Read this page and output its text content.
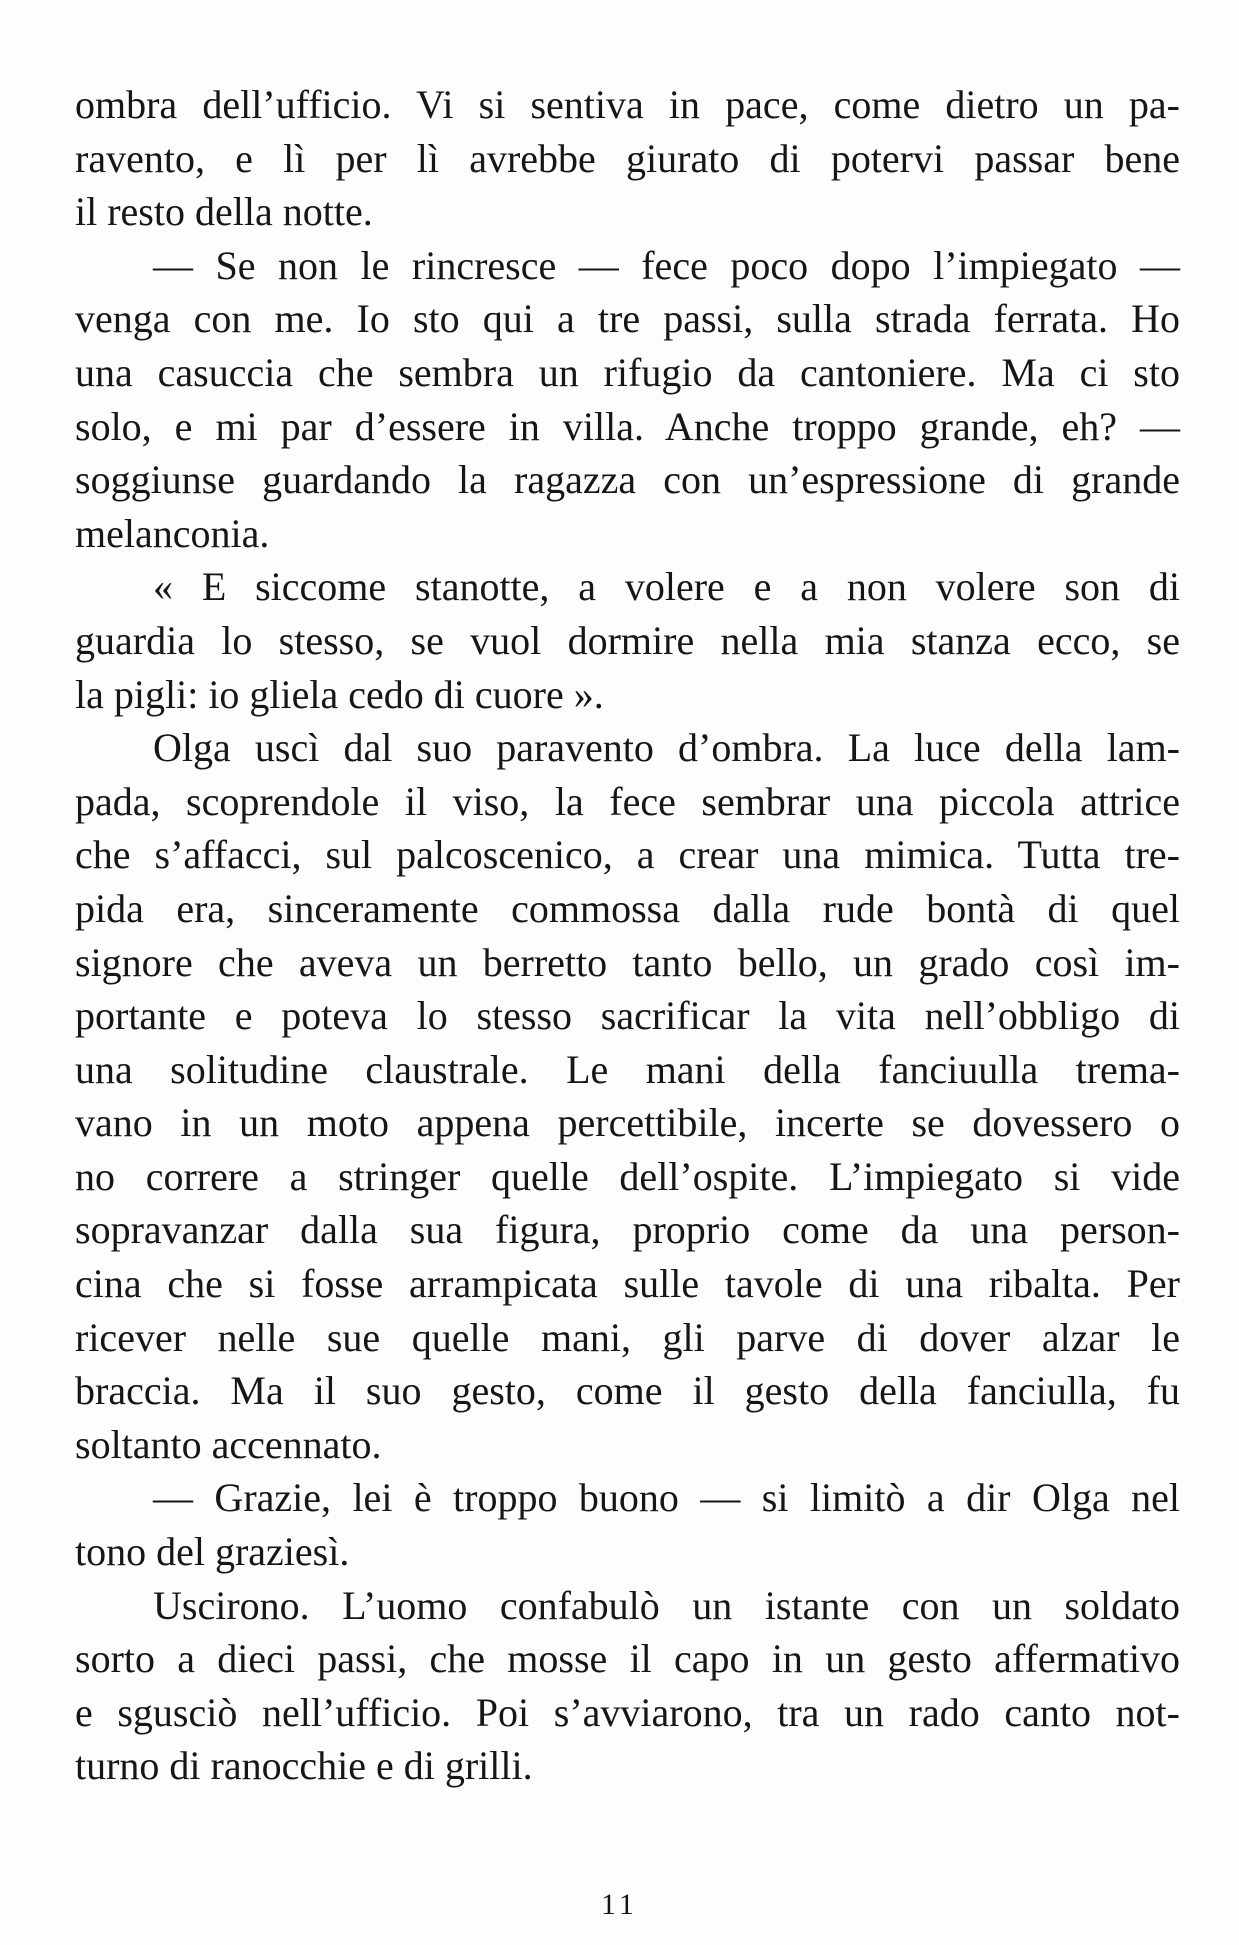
ombra dell’ufficio. Vi si sentiva in pace, come dietro un pa-
ravento, e lì per lì avrebbe giurato di potervi passar bene
il resto della notte.
— Se non le rincresce — fece poco dopo l’impiegato —
venga con me. Io sto qui a tre passi, sulla strada ferrata. Ho
una casuccia che sembra un rifugio da cantoniere. Ma ci sto
solo, e mi par d’essere in villa. Anche troppo grande, eh? —
soggiunse guardando la ragazza con un’espressione di grande
melanconia.
« E siccome stanotte, a volere e a non volere son di
guardia lo stesso, se vuol dormire nella mia stanza ecco, se
la pigli: io gliela cedo di cuore ».
Olga uscì dal suo paravento d’ombra. La luce della lam-
pada, scoprendole il viso, la fece sembrar una piccola attrice
che s’affacci, sul palcoscenico, a crear una mimica. Tutta tre-
pida era, sinceramente commossa dalla rude bontà di quel
signore che aveva un berretto tanto bello, un grado così im-
portante e poteva lo stesso sacrificar la vita nell’obbligo di
una solitudine claustrale. Le mani della fanciuulla trema-
vano in un moto appena percettibile, incerte se dovessero o
no correre a stringer quelle dell’ospite. L’impiegato si vide
sopravanzar dalla sua figura, proprio come da una person-
cina che si fosse arrampicata sulle tavole di una ribalta. Per
ricever nelle sue quelle mani, gli parve di dover alzar le
braccia. Ma il suo gesto, come il gesto della fanciulla, fu
soltanto accennato.
— Grazie, lei è troppo buono — si limitò a dir Olga nel
tono del graziesì.
Uscirono. L’uomo confabulò un istante con un soldato
sorto a dieci passi, che mosse il capo in un gesto affermativo
e sgusciò nell’ufficio. Poi s’avviarono, tra un rado canto not-
turno di ranocchie e di grilli.
11
